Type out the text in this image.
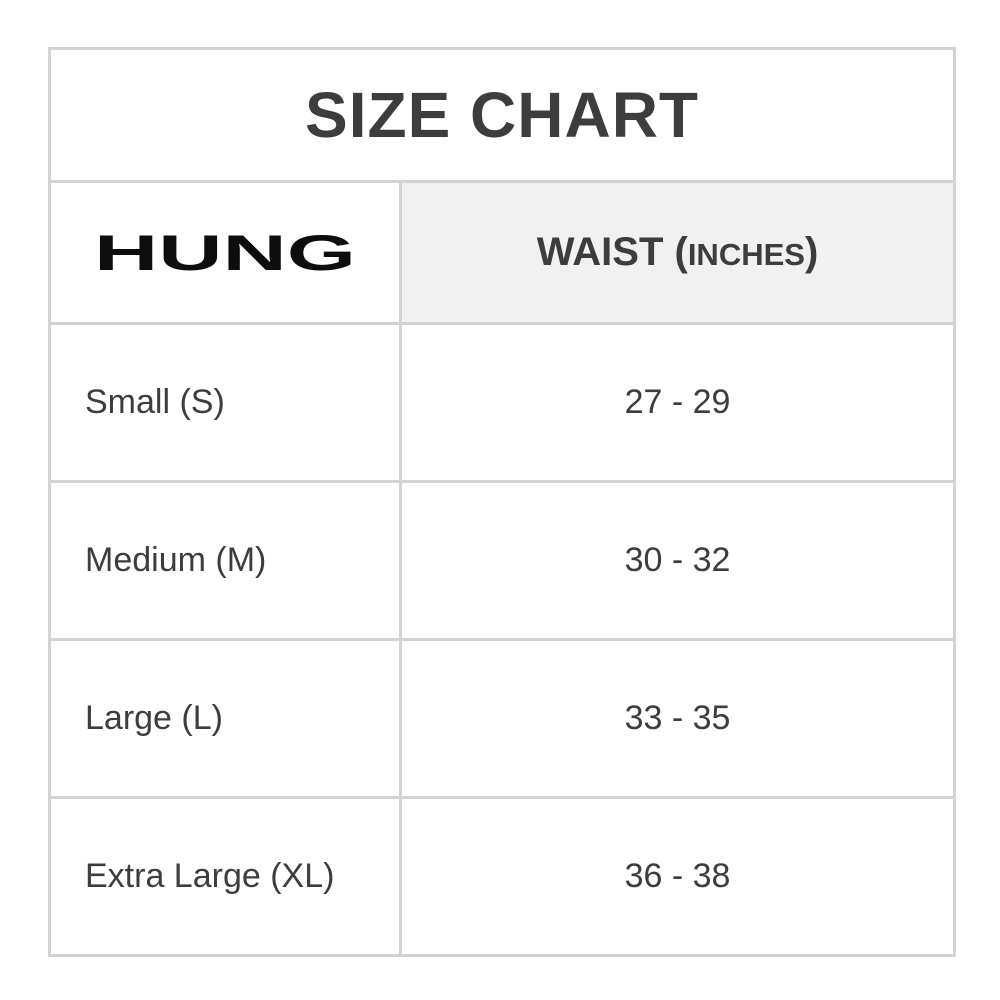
SIZE CHART	

HUNG	WAIST (INCHES)
Small (S)	27 - 29
Medium (M)	30 - 32
Large (L)	33 - 35
Extra Large (XL)	36 - 38
